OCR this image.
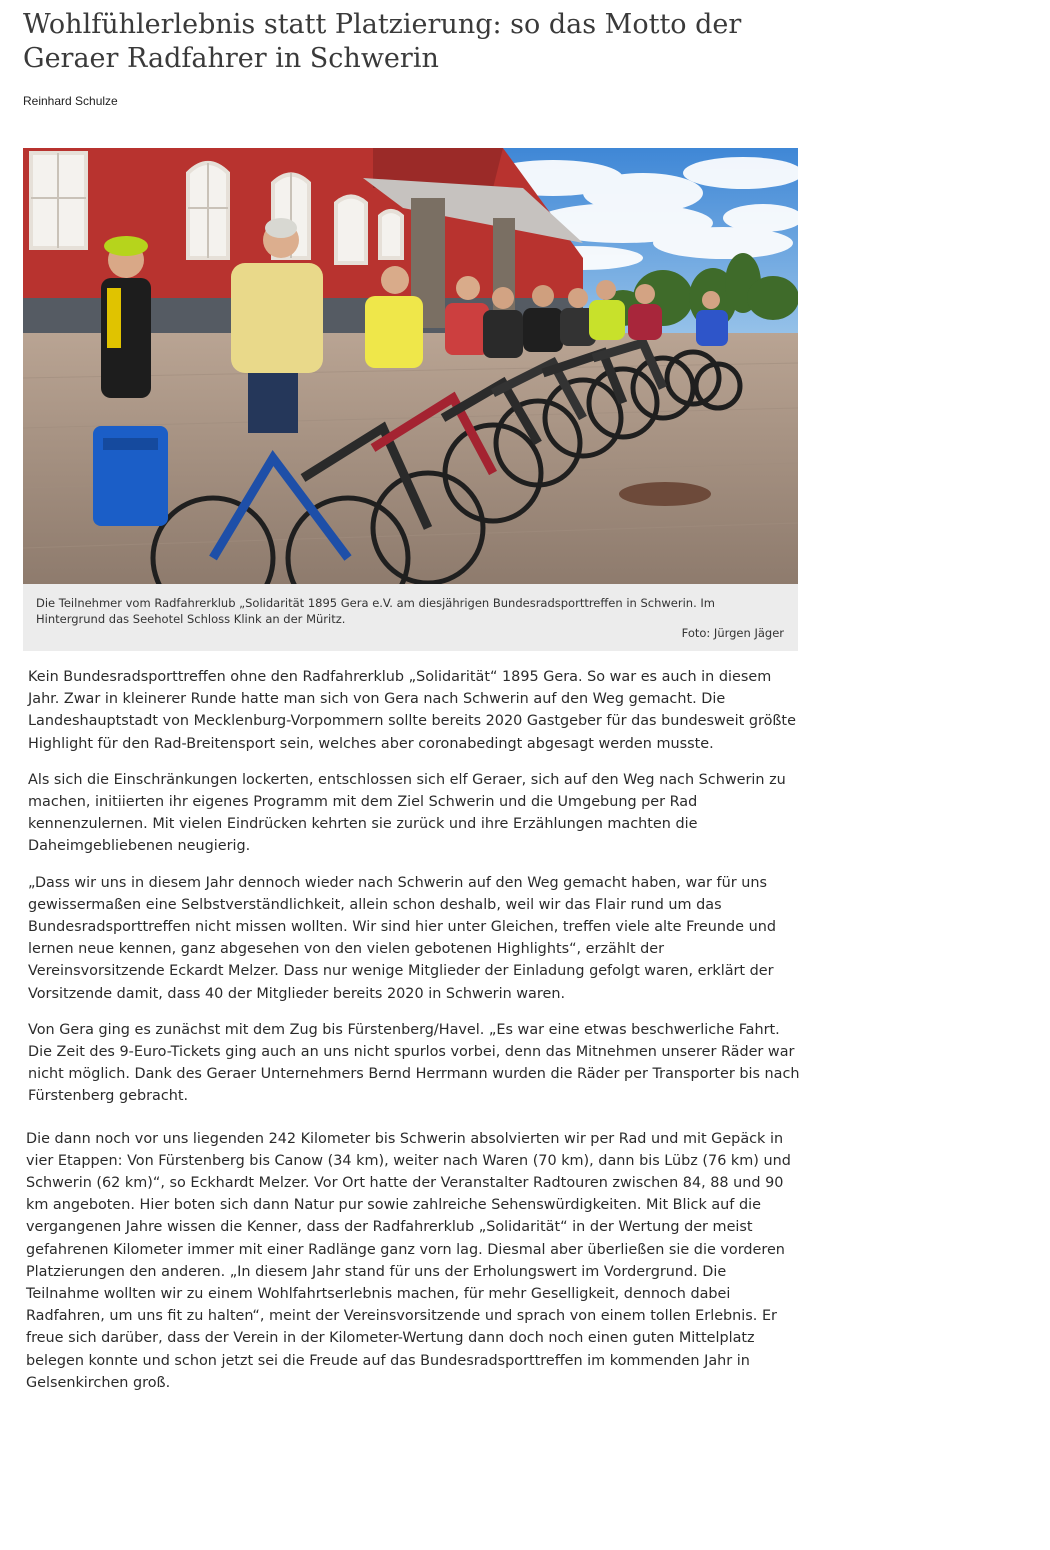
Wohlfühlerlebnis statt Platzierung: so das Motto der Geraer Radfahrer in Schwerin
Reinhard Schulze
Die Teilnehmer vom Radfahrerklub „Solidarität 1895 Gera e.V. am diesjährigen Bundesradsporttreffen in Schwerin. Im Hintergrund das Seehotel Schloss Klink an der Müritz.
Foto: Jürgen Jäger

Kein Bundesradsporttreffen ohne den Radfahrerklub „Solidarität“ 1895 Gera. So war es auch in diesem Jahr. Zwar in kleinerer Runde hatte man sich von Gera nach Schwerin auf den Weg gemacht. Die Landeshauptstadt von Mecklenburg-Vorpommern sollte bereits 2020 Gastgeber für das bundesweit größte Highlight für den Rad-Breitensport sein, welches aber coronabedingt abgesagt werden musste.

Als sich die Einschränkungen lockerten, entschlossen sich elf Geraer, sich auf den Weg nach Schwerin zu machen, initiierten ihr eigenes Programm mit dem Ziel Schwerin und die Umgebung per Rad kennenzulernen. Mit vielen Eindrücken kehrten sie zurück und ihre Erzählungen machten die Daheimgebliebenen neugierig.

„Dass wir uns in diesem Jahr dennoch wieder nach Schwerin auf den Weg gemacht haben, war für uns gewissermaßen eine Selbstverständlichkeit, allein schon deshalb, weil wir das Flair rund um das Bundesradsporttreffen nicht missen wollten. Wir sind hier unter Gleichen, treffen viele alte Freunde und lernen neue kennen, ganz abgesehen von den vielen gebotenen Highlights“, erzählt der Vereinsvorsitzende Eckardt Melzer. Dass nur wenige Mitglieder der Einladung gefolgt waren, erklärt der Vorsitzende damit, dass 40 der Mitglieder bereits 2020 in Schwerin waren.

Von Gera ging es zunächst mit dem Zug bis Fürstenberg/Havel. „Es war eine etwas beschwerliche Fahrt. Die Zeit des 9-Euro-Tickets ging auch an uns nicht spurlos vorbei, denn das Mitnehmen unserer Räder war nicht möglich. Dank des Geraer Unternehmers Bernd Herrmann wurden die Räder per Transporter bis nach Fürstenberg gebracht.

Die dann noch vor uns liegenden 242 Kilometer bis Schwerin absolvierten wir per Rad und mit Gepäck in vier Etappen: Von Fürstenberg bis Canow (34 km), weiter nach Waren (70 km), dann bis Lübz (76 km) und Schwerin (62 km)“, so Eckhardt Melzer. Vor Ort hatte der Veranstalter Radtouren zwischen 84, 88 und 90 km angeboten. Hier boten sich dann Natur pur sowie zahlreiche Sehenswürdigkeiten. Mit Blick auf die vergangenen Jahre wissen die Kenner, dass der Radfahrerklub „Solidarität“ in der Wertung der meist gefahrenen Kilometer immer mit einer Radlänge ganz vorn lag. Diesmal aber überließen sie die vorderen Platzierungen den anderen. „In diesem Jahr stand für uns der Erholungswert im Vordergrund. Die Teilnahme wollten wir zu einem Wohlfahrtserlebnis machen, für mehr Geselligkeit, dennoch dabei Radfahren, um uns fit zu halten“, meint der Vereinsvorsitzende und sprach von einem tollen Erlebnis. Er freue sich darüber, dass der Verein in der Kilometer-Wertung dann doch noch einen guten Mittelplatz belegen konnte und schon jetzt sei die Freude auf das Bundesradsporttreffen im kommenden Jahr in Gelsenkirchen groß.
